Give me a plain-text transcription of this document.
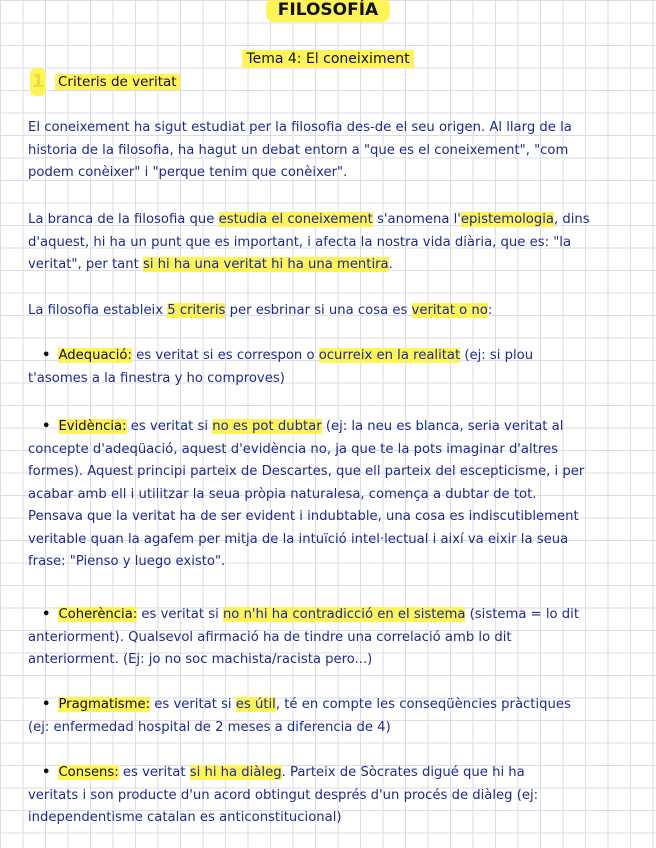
FILOSOFÍA
Tema 4: El coneiximent
1 Criteris de veritat
El coneixement ha sigut estudiat per la filosofia des-de el seu origen. Al llarg de la
historia de la filosofia, ha hagut un debat entorn a "que es el coneixement", "com
podem conèixer" i "perque tenim que conèixer".
La branca de la filosofia que estudia el coneixement s'anomena l'epistemologia, dins
d'aquest, hi ha un punt que es important, i afecta la nostra vida diària, que es: "la
veritat", per tant si hi ha una veritat hi ha una mentira.
La filosofia estableix 5 criteris per esbrinar si una cosa es veritat o no:
• Adequació: es veritat si es correspon o ocurreix en la realitat (ej: si plou
t'asomes a la finestra y ho comproves)
• Evidència: es veritat si no es pot dubtar (ej: la neu es blanca, seria veritat al
concepte d'adeqüació, aquest d'evidència no, ja que te la pots imaginar d'altres
formes). Aquest principi parteix de Descartes, que ell parteix del escepticisme, i per
acabar amb ell i utilitzar la seua pròpia naturalesa, comença a dubtar de tot.
Pensava que la veritat ha de ser evident i indubtable, una cosa es indiscutiblement
veritable quan la agafem per mitja de la intuïció intel·lectual i així va eixir la seua
frase: "Pienso y luego existo".
• Coherència: es veritat si no n'hi ha contradicció en el sistema (sistema = lo dit
anteriorment). Qualsevol afirmació ha de tindre una correlació amb lo dit
anteriorment. (Ej: jo no soc machista/racista pero...)
• Pragmatisme: es veritat si es útil, té en compte les conseqüències pràctiques
(ej: enfermedad hospital de 2 meses a diferencia de 4)
• Consens: es veritat si hi ha diàleg. Parteix de Sòcrates digué que hi ha
veritats i son producte d'un acord obtingut després d'un procés de diàleg (ej:
independentisme catalan es anticonstitucional)
